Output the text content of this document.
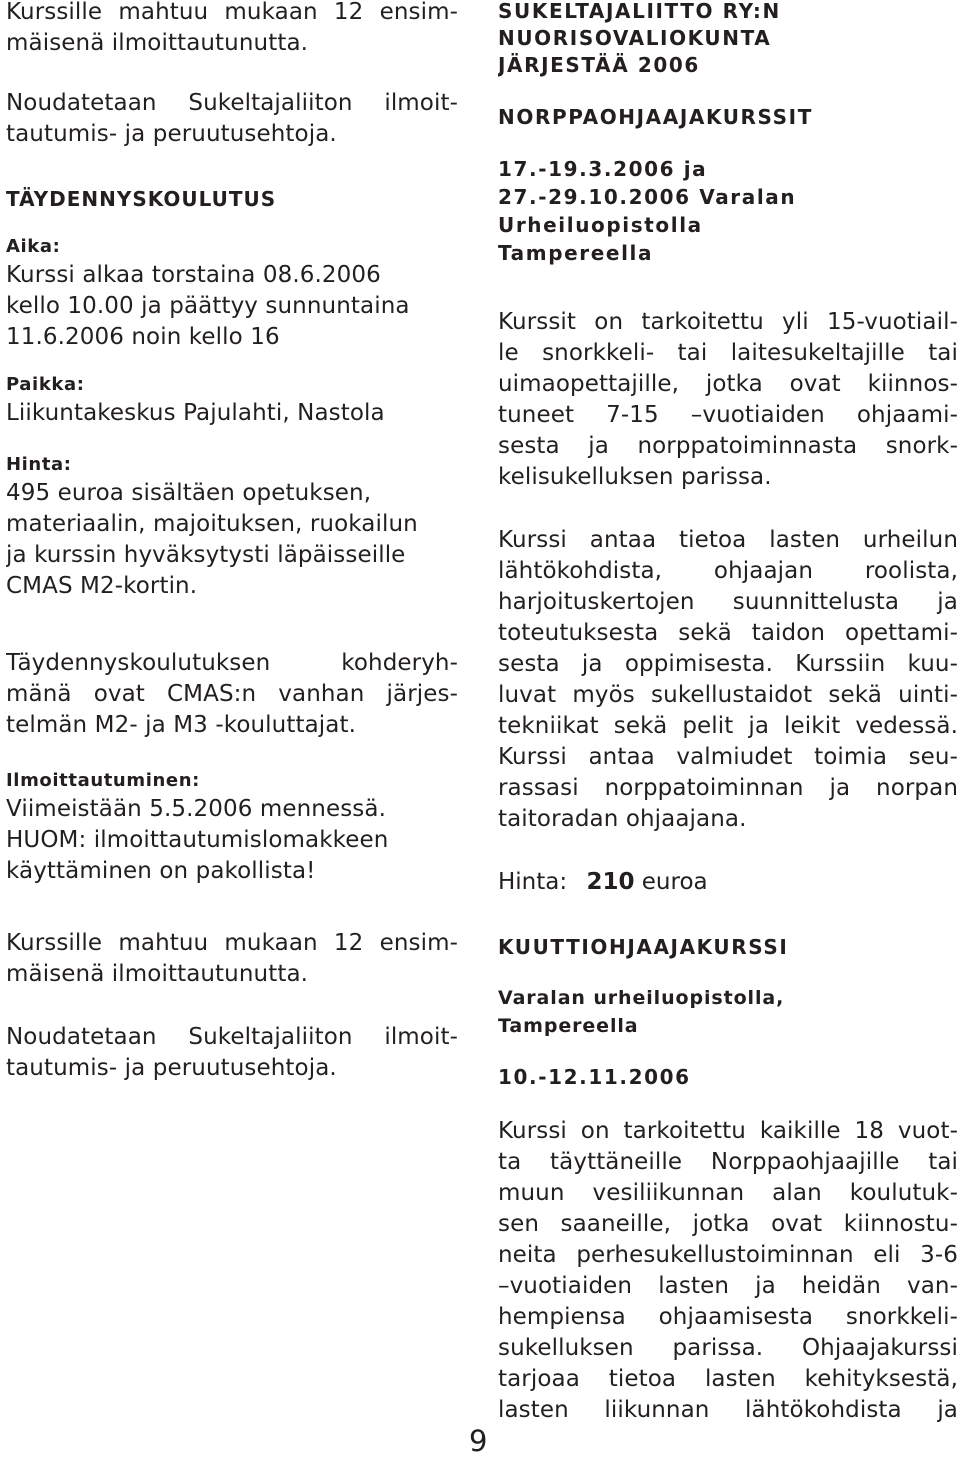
Kurssille mahtuu mukaan 12 ensim-
mäisenä ilmoittautunutta.
Noudatetaan Sukeltajaliiton ilmoit-
tautumis- ja peruutusehtoja.
TÄYDENNYSKOULUTUS
Aika:
Kurssi alkaa torstaina 08.6.2006
kello 10.00 ja päättyy sunnuntaina
11.6.2006 noin kello 16
Paikka:
Liikuntakeskus Pajulahti, Nastola
Hinta:
495 euroa sisältäen opetuksen,
materiaalin, majoituksen, ruokailun
ja kurssin hyväksytysti läpäisseille
CMAS M2-kortin.
Täydennyskoulutuksen kohderyh-
mänä ovat CMAS:n vanhan järjes-
telmän M2- ja M3 -kouluttajat.
Ilmoittautuminen:
Viimeistään 5.5.2006 mennessä.
HUOM: ilmoittautumislomakkeen
käyttäminen on pakollista!
Kurssille mahtuu mukaan 12 ensim-
mäisenä ilmoittautunutta.
Noudatetaan Sukeltajaliiton ilmoit-
tautumis- ja peruutusehtoja.
SUKELTAJALIITTO RY:N
NUORISOVALIOKUNTA
JÄRJESTÄÄ 2006
NORPPAOHJAAJAKURSSIT
17.-19.3.2006 ja
27.-29.10.2006 Varalan
Urheiluopistolla
Tampereella
Kurssit on tarkoitettu yli 15-vuotiail-
le snorkkeli- tai laitesukeltajille tai
uimaopettajille, jotka ovat kiinnos-
tuneet 7-15 –vuotiaiden ohjaami-
sesta ja norppatoiminnasta snork-
kelisukelluksen parissa.
Kurssi antaa tietoa lasten urheilun
lähtökohdista, ohjaajan roolista,
harjoituskertojen suunnittelusta ja
toteutuksesta sekä taidon opettami-
sesta ja oppimisesta. Kurssiin kuu-
luvat myös sukellustaidot sekä uinti-
tekniikat sekä pelit ja leikit vedessä.
Kurssi antaa valmiudet toimia seu-
rassasi norppatoiminnan ja norpan
taitoradan ohjaajana.
Hinta: 210 euroa
KUUTTIOHJAAJAKURSSI
Varalan urheiluopistolla,
Tampereella
10.-12.11.2006
Kurssi on tarkoitettu kaikille 18 vuot-
ta täyttäneille Norppaohjaajille tai
muun vesiliikunnan alan koulutuk-
sen saaneille, jotka ovat kiinnostu-
neita perhesukellustoiminnan eli 3-6
–vuotiaiden lasten ja heidän van-
hempiensa ohjaamisesta snorkkeli-
sukelluksen parissa. Ohjaajakurssi
tarjoaa tietoa lasten kehityksestä,
lasten liikunnan lähtökohdista ja
9
